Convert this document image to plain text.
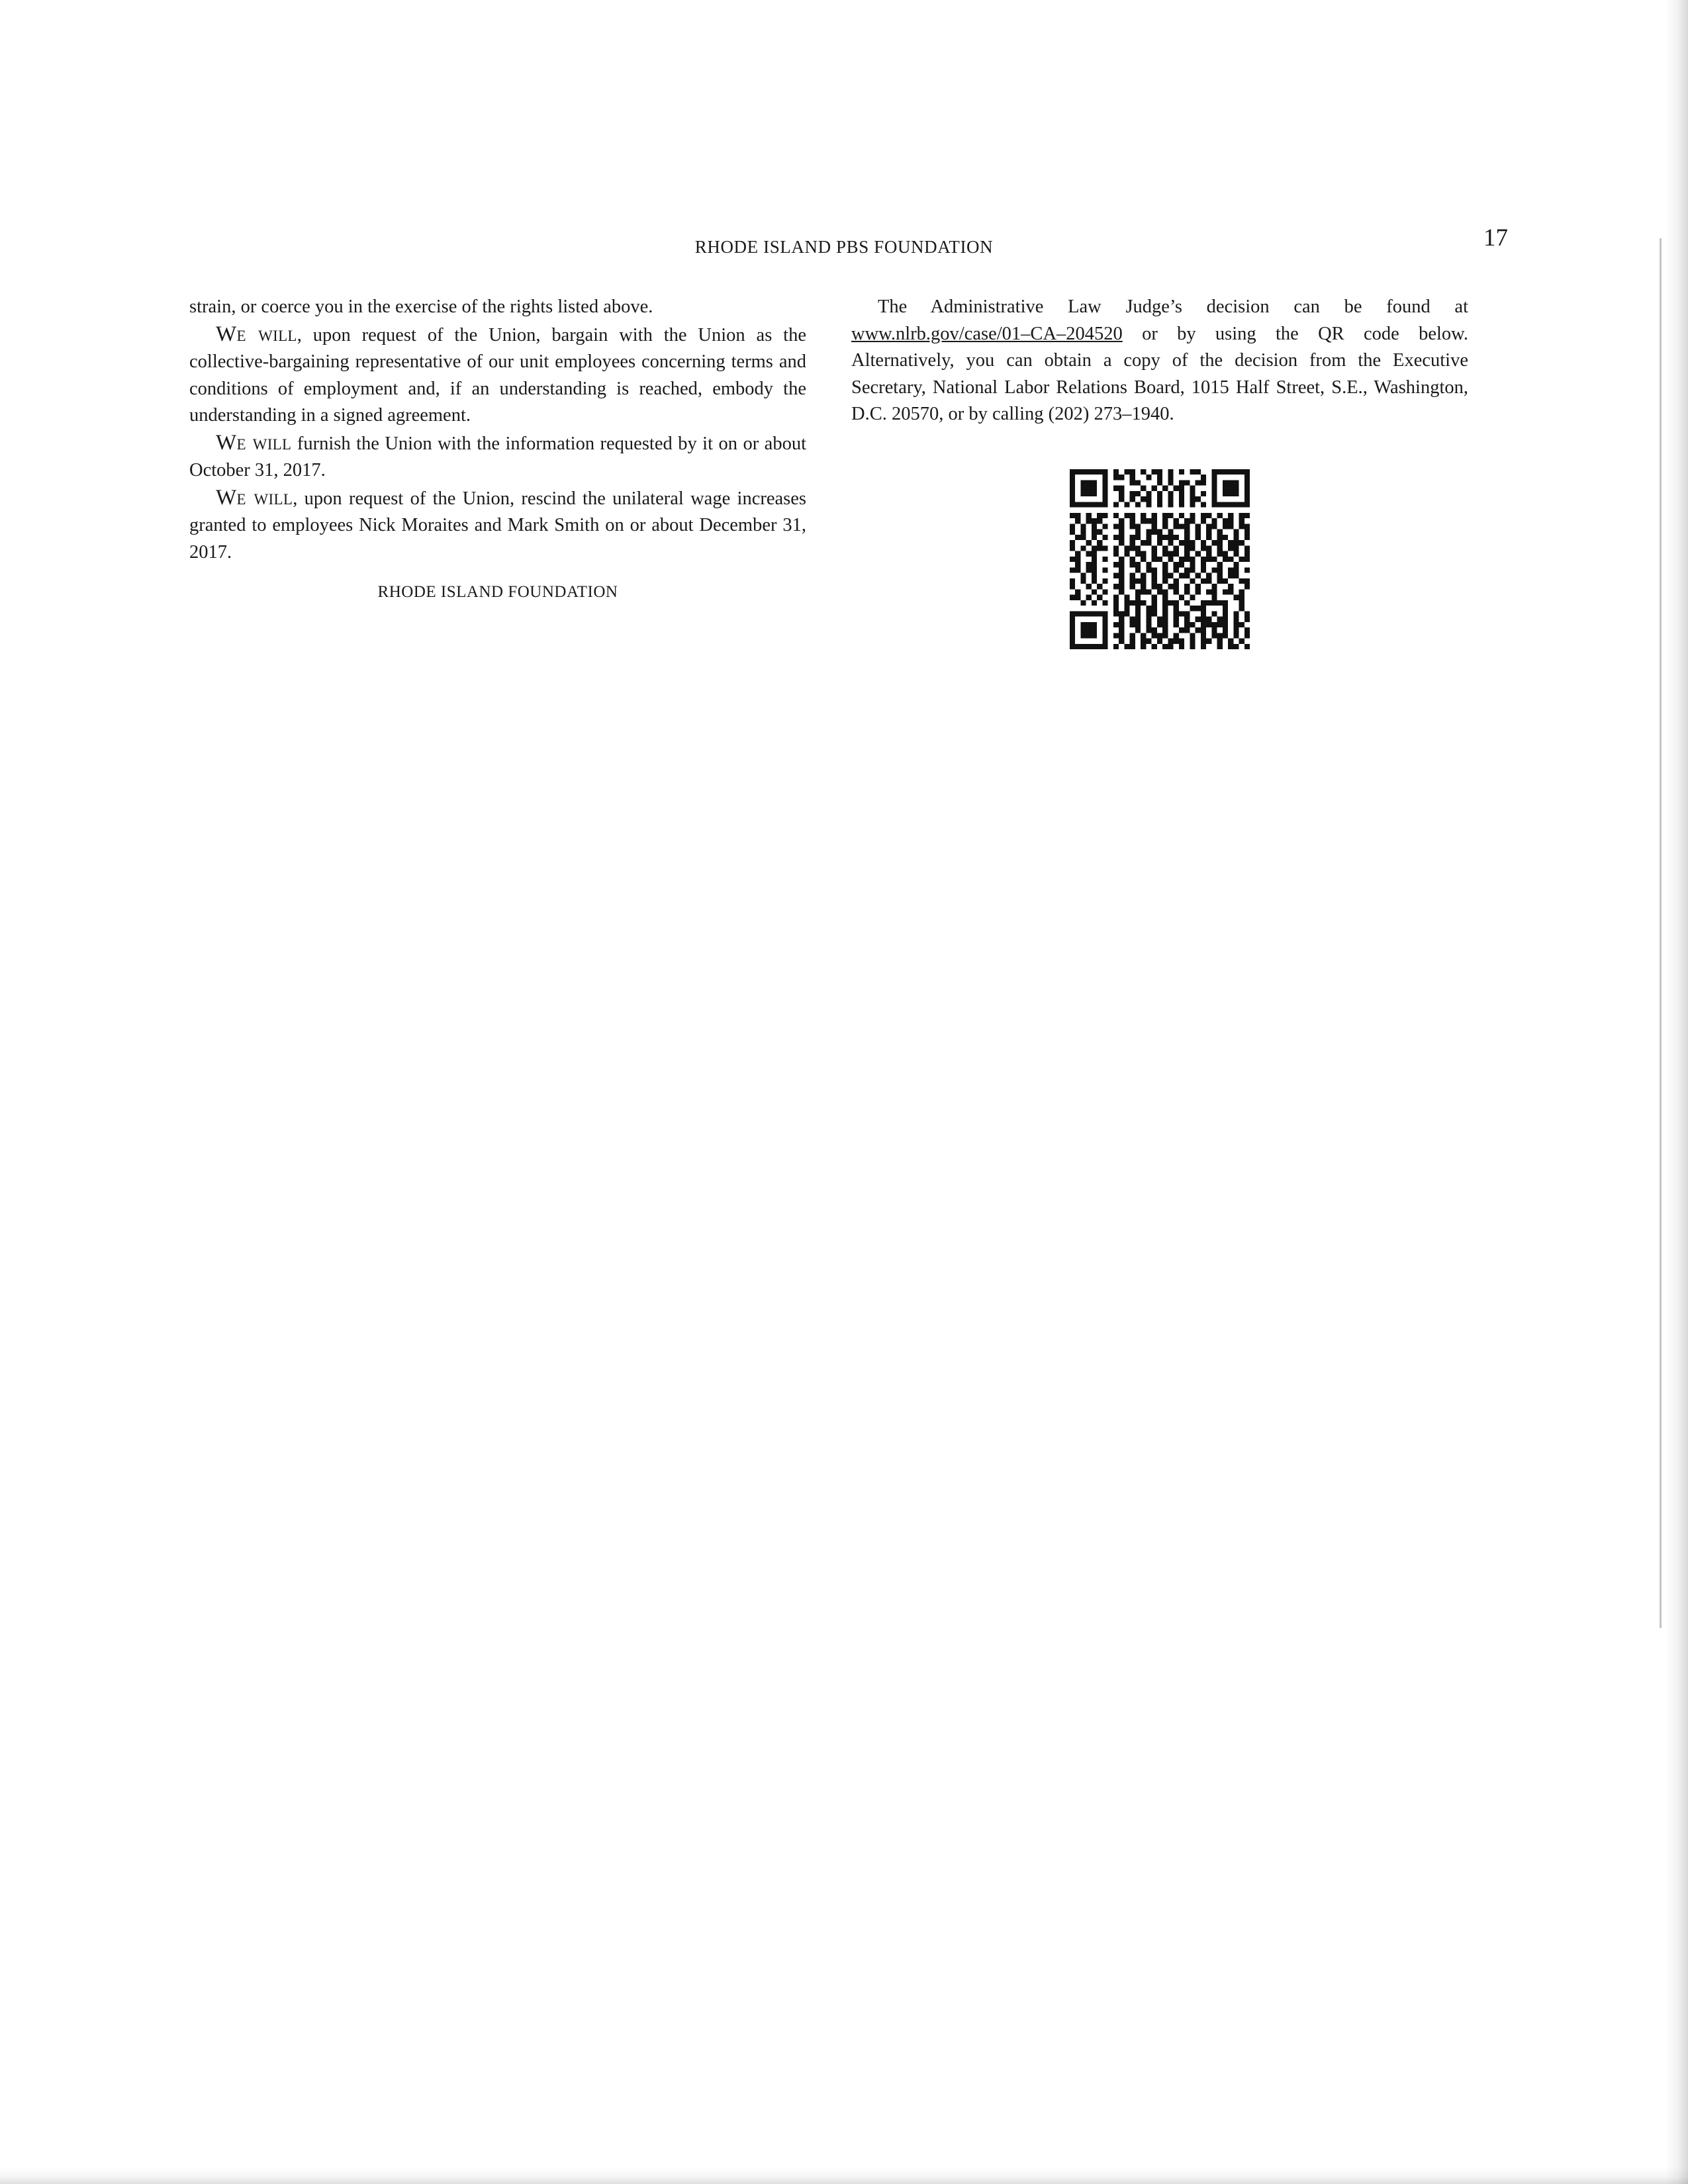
RHODE ISLAND PBS FOUNDATION	17

strain, or coerce you in the exercise of the rights listed above.

We will, upon request of the Union, bargain with the Union as the collective-bargaining representative of our unit employees concerning terms and conditions of employment and, if an understanding is reached, embody the understanding in a signed agreement.

We will furnish the Union with the information requested by it on or about October 31, 2017.

We will, upon request of the Union, rescind the unilateral wage increases granted to employees Nick Moraites and Mark Smith on or about December 31, 2017.

RHODE ISLAND FOUNDATION

The Administrative Law Judge’s decision can be found at www.nlrb.gov/case/01–CA–204520 or by using the QR code below. Alternatively, you can obtain a copy of the decision from the Executive Secretary, National Labor Relations Board, 1015 Half Street, S.E., Washington, D.C. 20570, or by calling (202) 273–1940.
